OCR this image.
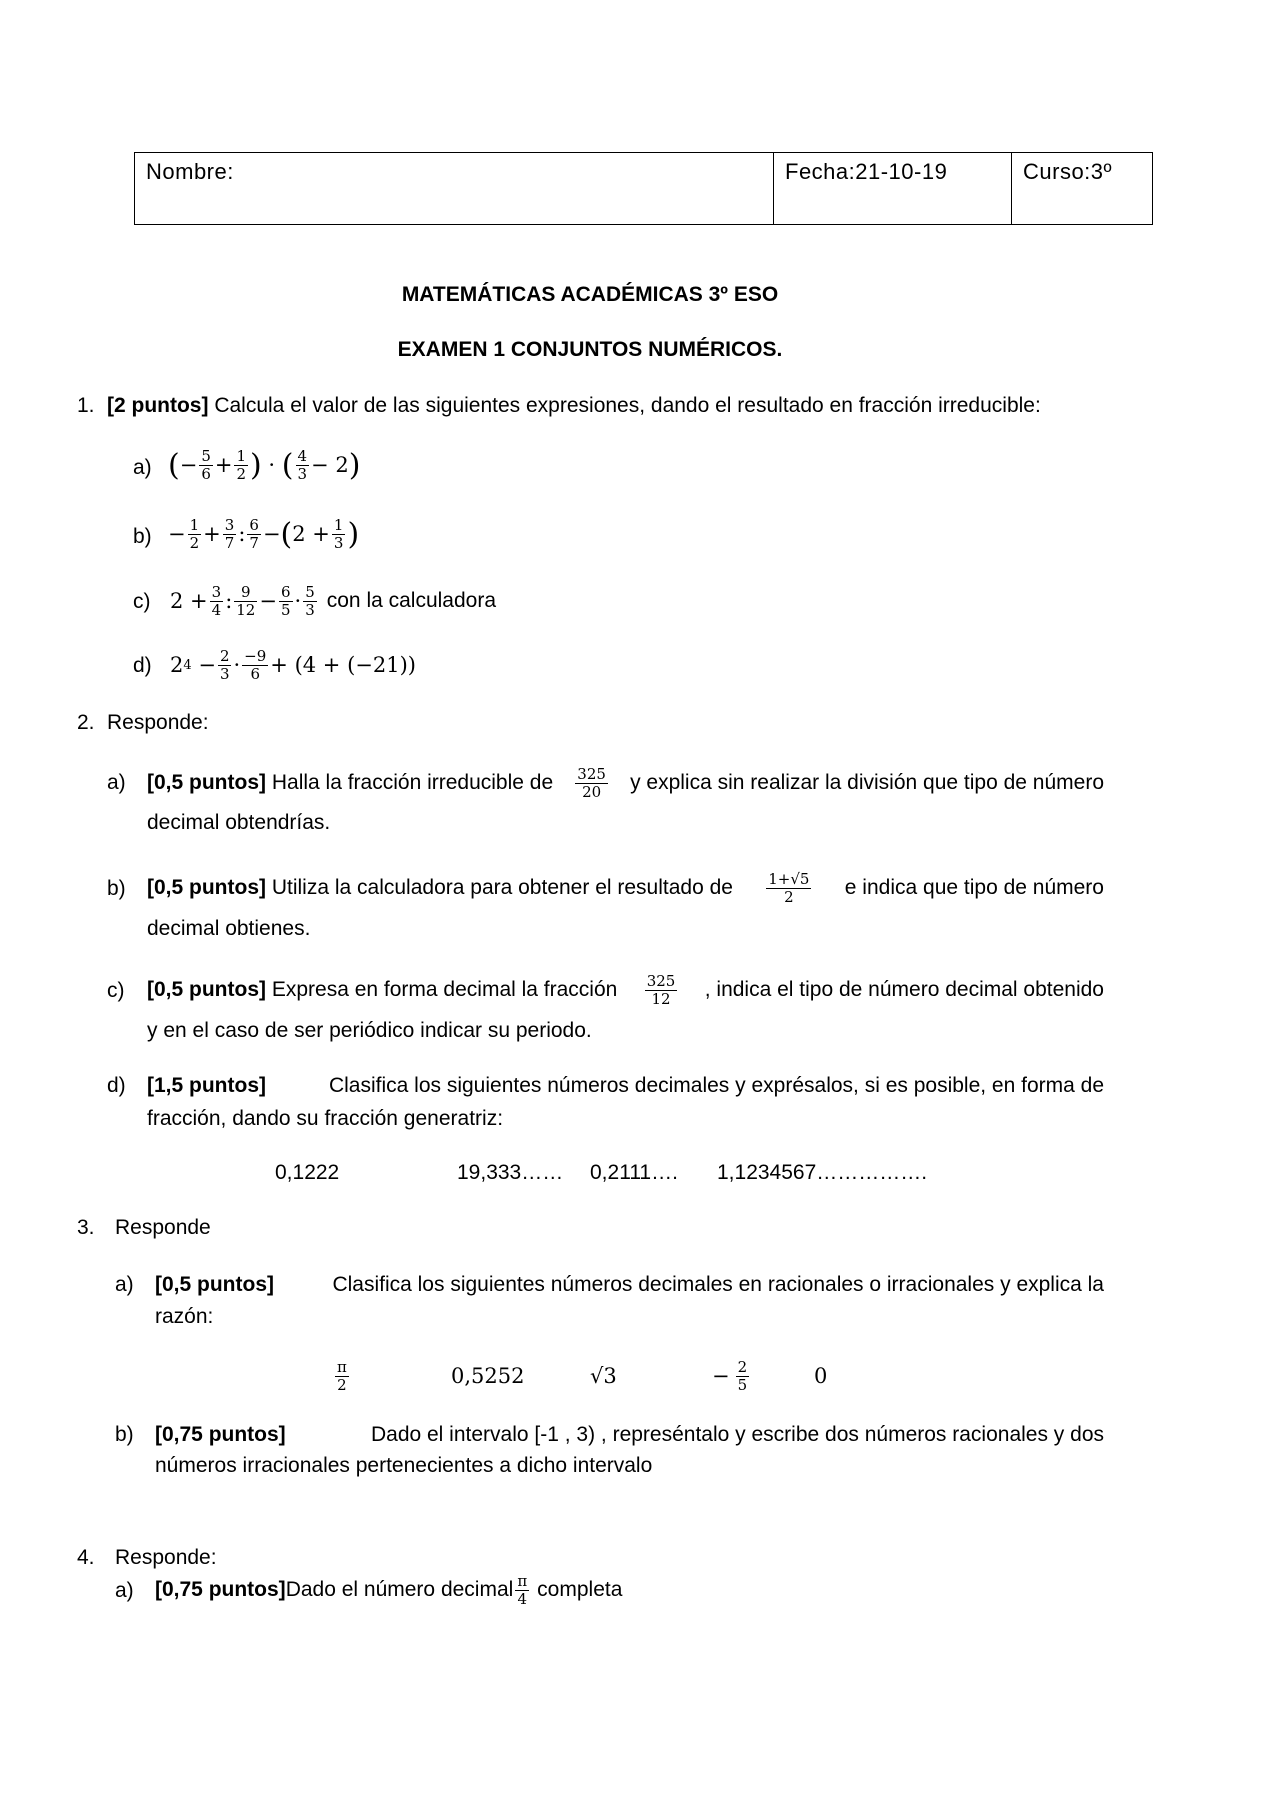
Nombre:	Fecha:21-10-19	Curso:3º
MATEMÁTICAS ACADÉMICAS 3º ESO
EXAMEN 1 CONJUNTOS NUMÉRICOS.
1. [2 puntos] Calcula el valor de las siguientes expresiones, dando el resultado en fracción irreducible:
a) ( − $\frac{5}{6} + \frac{1}{2}$ ) · ( $\frac{4}{3} - 2$ )
$b) - \frac{1}{2} + \frac{3}{7}$ : $\frac{6}{7}$ − ( $2 + \frac{1}{3}$ )
c) $2 + \frac{3}{4}$ : $\frac{9}{12} - \frac{6}{5} \cdot \frac{5}{3}$ con la calculadora
d) 2 $4 - \frac{2}{3} \cdot \frac{-9}{6} + (4 + (-21))$
2. Responde:
a) [0,5 puntos] Halla la fracción irreducible de $\frac{325}{20}$ y explica sin realizar la división que tipo de número
decimal obtendrías.
b) [0,5 puntos] Utiliza la calculadora para obtener el resultado de $\frac{1+√5}{2}$ e indica que tipo de número
decimal obtienes.
c) [0,5 puntos] Expresa en forma decimal la fracción $\frac{325}{12}$ , indica el tipo de número decimal obtenido
y en el caso de ser periódico indicar su periodo.
d) [1,5 puntos]	Clasifica los siguientes números decimales y exprésalos, si es posible, en forma de
fracción, dando su fracción generatriz:
0,1222	19,333…… 0,2111…. 1,1234567…………….
3. Responde
a) [0,5 puntos]	Clasifica los siguientes números decimales en racionales o irracionales y explica la
razón:
$\frac{\pi}{2}$	0,5252	√3	− $\frac{2}{5}$	0
b) [0,75 puntos]	Dado el intervalo [-1 , 3) , represéntalo y escribe dos números racionales y dos
números irracionales pertenecientes a dicho intervalo
4. Responde:
a) [0,75 puntos] Dado el número decimal $\frac{\pi}{4}$ completa
